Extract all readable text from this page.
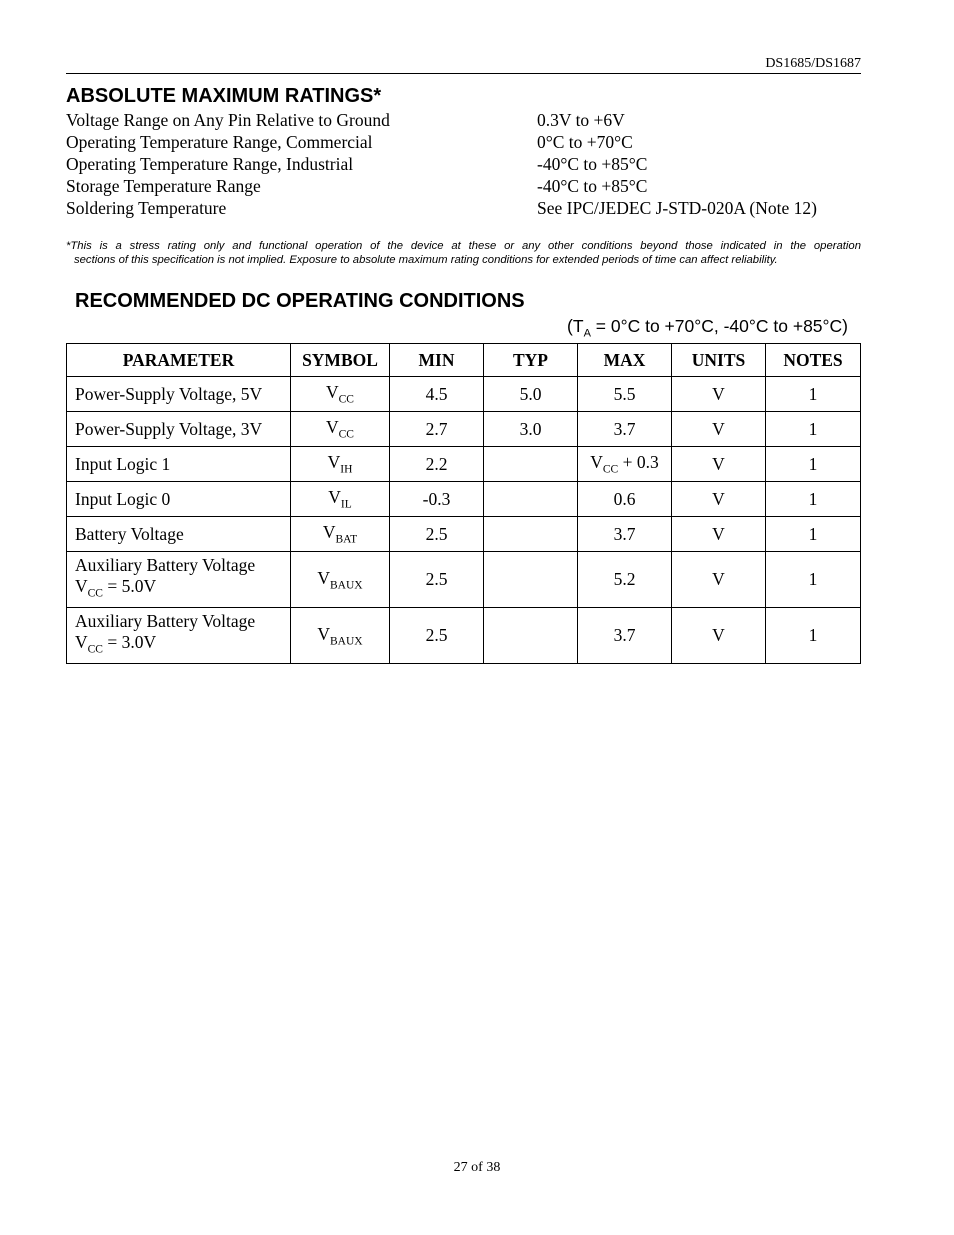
DS1685/DS1687
ABSOLUTE MAXIMUM RATINGS*
Voltage Range on Any Pin Relative to Ground	0.3V to +6V
Operating Temperature Range, Commercial	0°C to +70°C
Operating Temperature Range, Industrial	-40°C to +85°C
Storage Temperature Range	-40°C to +85°C
Soldering Temperature	See IPC/JEDEC J-STD-020A (Note 12)
*This is a stress rating only and functional operation of the device at these or any other conditions beyond those indicated in the operation
sections of this specification is not implied. Exposure to absolute maximum rating conditions for extended periods of time can affect reliability.
RECOMMENDED DC OPERATING CONDITIONS
($T_A = 0^\circ C$ to +70°C, -40°C to +85°C)
PARAMETER	SYMBOL	MIN	TYP	MAX	UNITS	NOTES
Power-Supply Voltage, 5V	$V_{CC}$	4.5	5.0	5.5	V	1
Power-Supply Voltage, 3V	$V_{CC}$	2.7	3.0	3.7	V	1
Input Logic 1	$V_{IH}$	2.2		$V_{CC} + 0.3$	V	1
Input Logic 0	$V_{IL}$	-0.3		0.6	V	1
Battery Voltage	$V_{BAT}$	2.5		3.7	V	1

Auxiliary Battery Voltage
$V_{CC} = 5.0V$	$V_{BAUX}$	2.5		5.2	V	1

Auxiliary Battery Voltage
$V_{CC} = 3.0V$	$V_{BAUX}$	2.5		3.7	V	1
27 of 38
